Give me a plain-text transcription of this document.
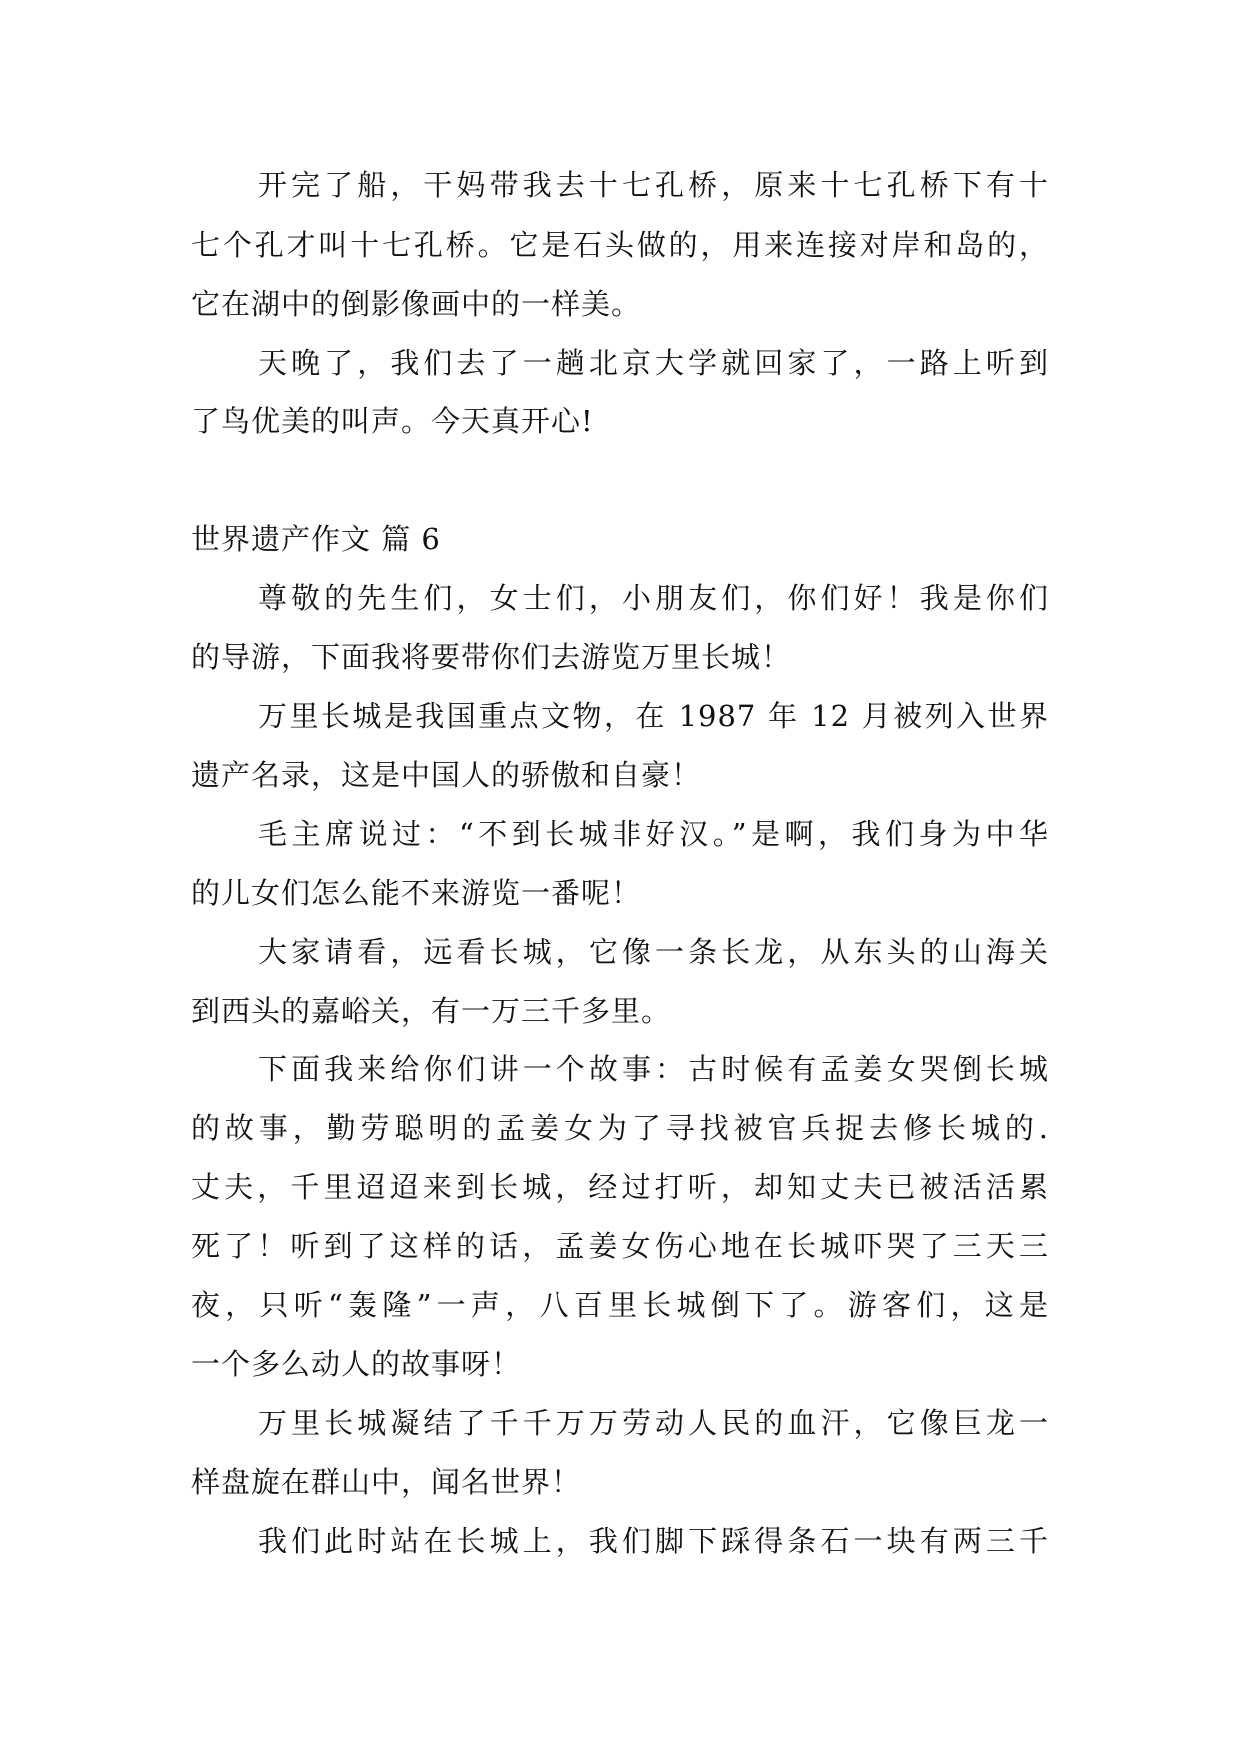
开完了船，干妈带我去十七孔桥，原来十七孔桥下有十
七个孔才叫十七孔桥。它是石头做的，用来连接对岸和岛的，
它在湖中的倒影像画中的一样美。
天晚了，我们去了一趟北京大学就回家了，一路上听到
了鸟优美的叫声。今天真开心!
世界遗产作文 篇 6
尊敬的先生们，女士们，小朋友们，你们好！我是你们
的导游，下面我将要带你们去游览万里长城！
万里长城是我国重点文物，在 1987 年 12 月被列入世界
遗产名录，这是中国人的骄傲和自豪！
毛主席说过：“不到长城非好汉。”是啊，我们身为中华
的儿女们怎么能不来游览一番呢！
大家请看，远看长城，它像一条长龙，从东头的山海关
到西头的嘉峪关，有一万三千多里。
下面我来给你们讲一个故事：古时候有孟姜女哭倒长城
的故事，勤劳聪明的孟姜女为了寻找被官兵捉去修长城的.
丈夫，千里迢迢来到长城，经过打听，却知丈夫已被活活累
死了！听到了这样的话，孟姜女伤心地在长城吓哭了三天三
夜，只听“轰隆”一声，八百里长城倒下了。游客们，这是
一个多么动人的故事呀！
万里长城凝结了千千万万劳动人民的血汗，它像巨龙一
样盘旋在群山中，闻名世界！
我们此时站在长城上，我们脚下踩得条石一块有两三千
